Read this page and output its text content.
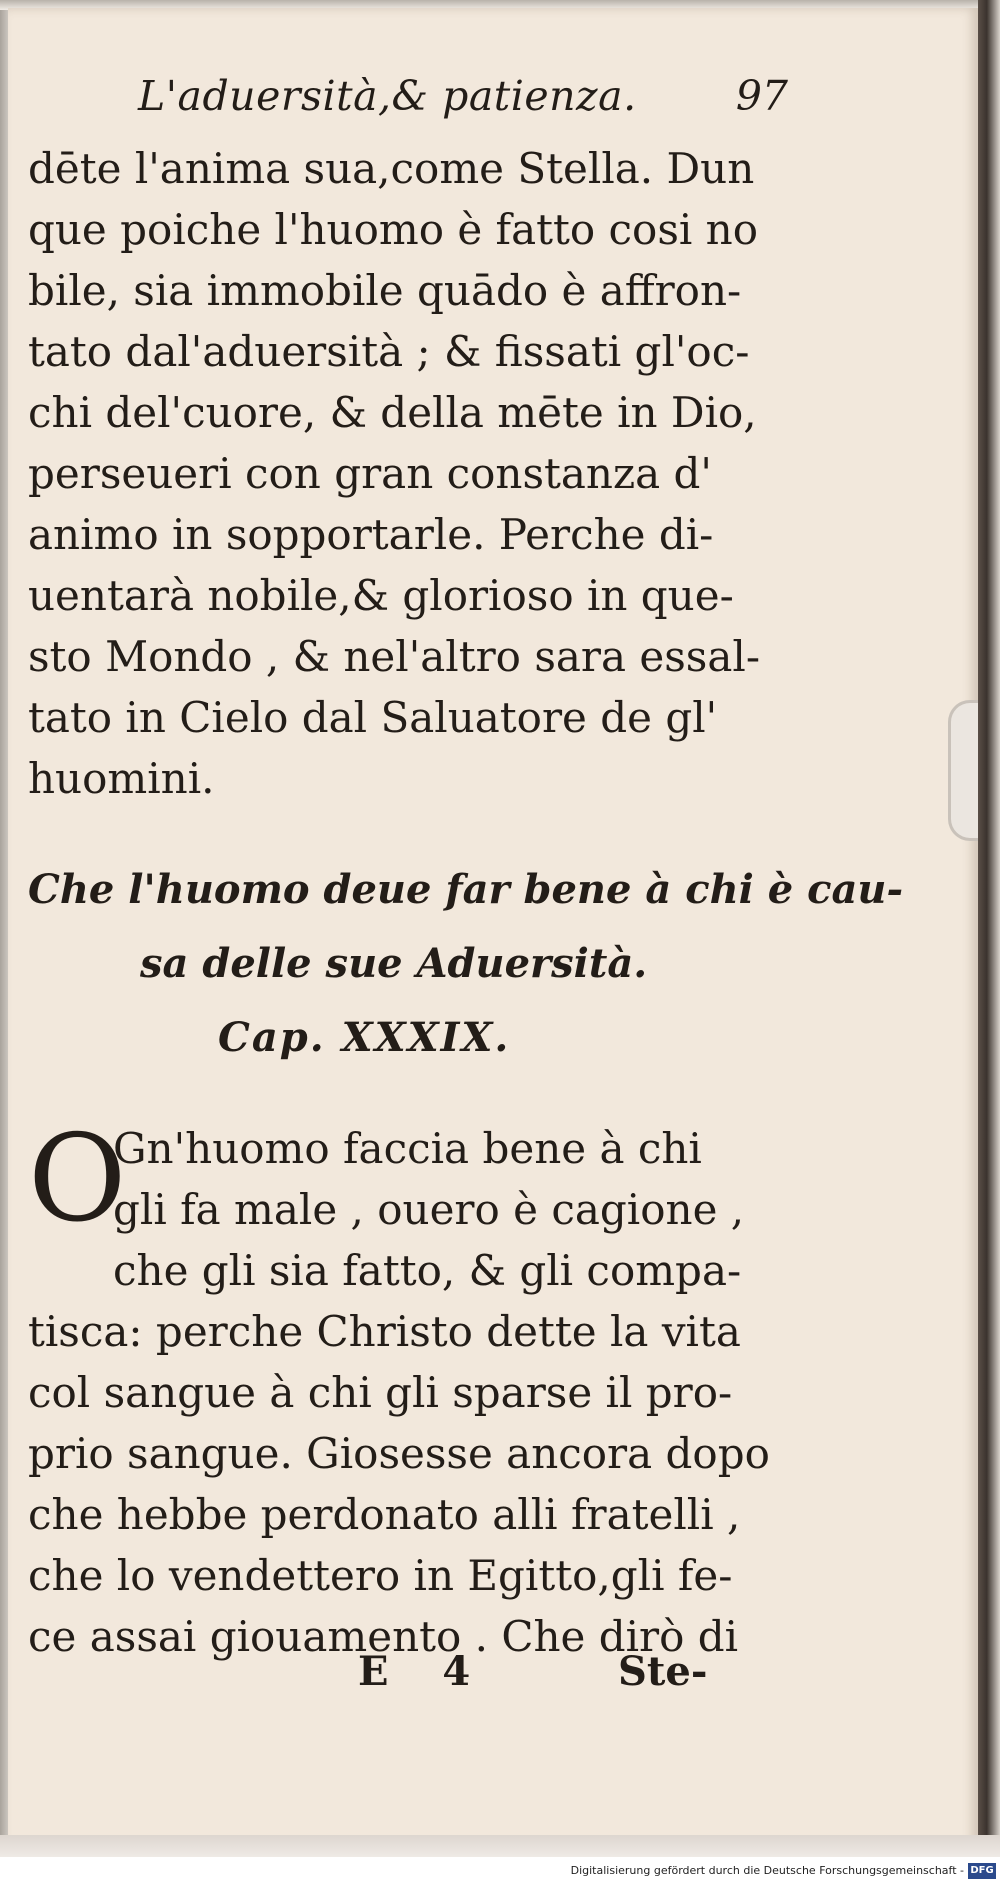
L'aduersità,& patienza. 97
dēte l'anima sua,come Stella. Dun
que poiche l'huomo è fatto cosi no
bile, sia immobile quādo è affron-
tato dal'aduersità ; & fissati gl'oc-
chi del'cuore, & della mēte in Dio,
perseueri con gran constanza d'
animo in sopportarle. Perche di-
uentarà nobile,& glorioso in que-
sto Mondo , & nel'altro sara essal-
tato in Cielo dal Saluatore de gl'
huomini.
Che l'huomo deue far bene à chi è cau-
sa delle sue Aduersità.
Cap. XXXIX.
O
Gn'huomo faccia bene à chi
gli fa male , ouero è cagione ,
che gli sia fatto, & gli compa-
tisca: perche Christo dette la vita
col sangue à chi gli sparse il pro-
prio sangue. Giosesse ancora dopo
che hebbe perdonato alli fratelli ,
che lo vendettero in Egitto,gli fe-
ce assai giouamento . Che dirò di
E 4	Ste-
Digitalisierung gefördert durch die Deutsche Forschungsgemeinschaft - DFG
